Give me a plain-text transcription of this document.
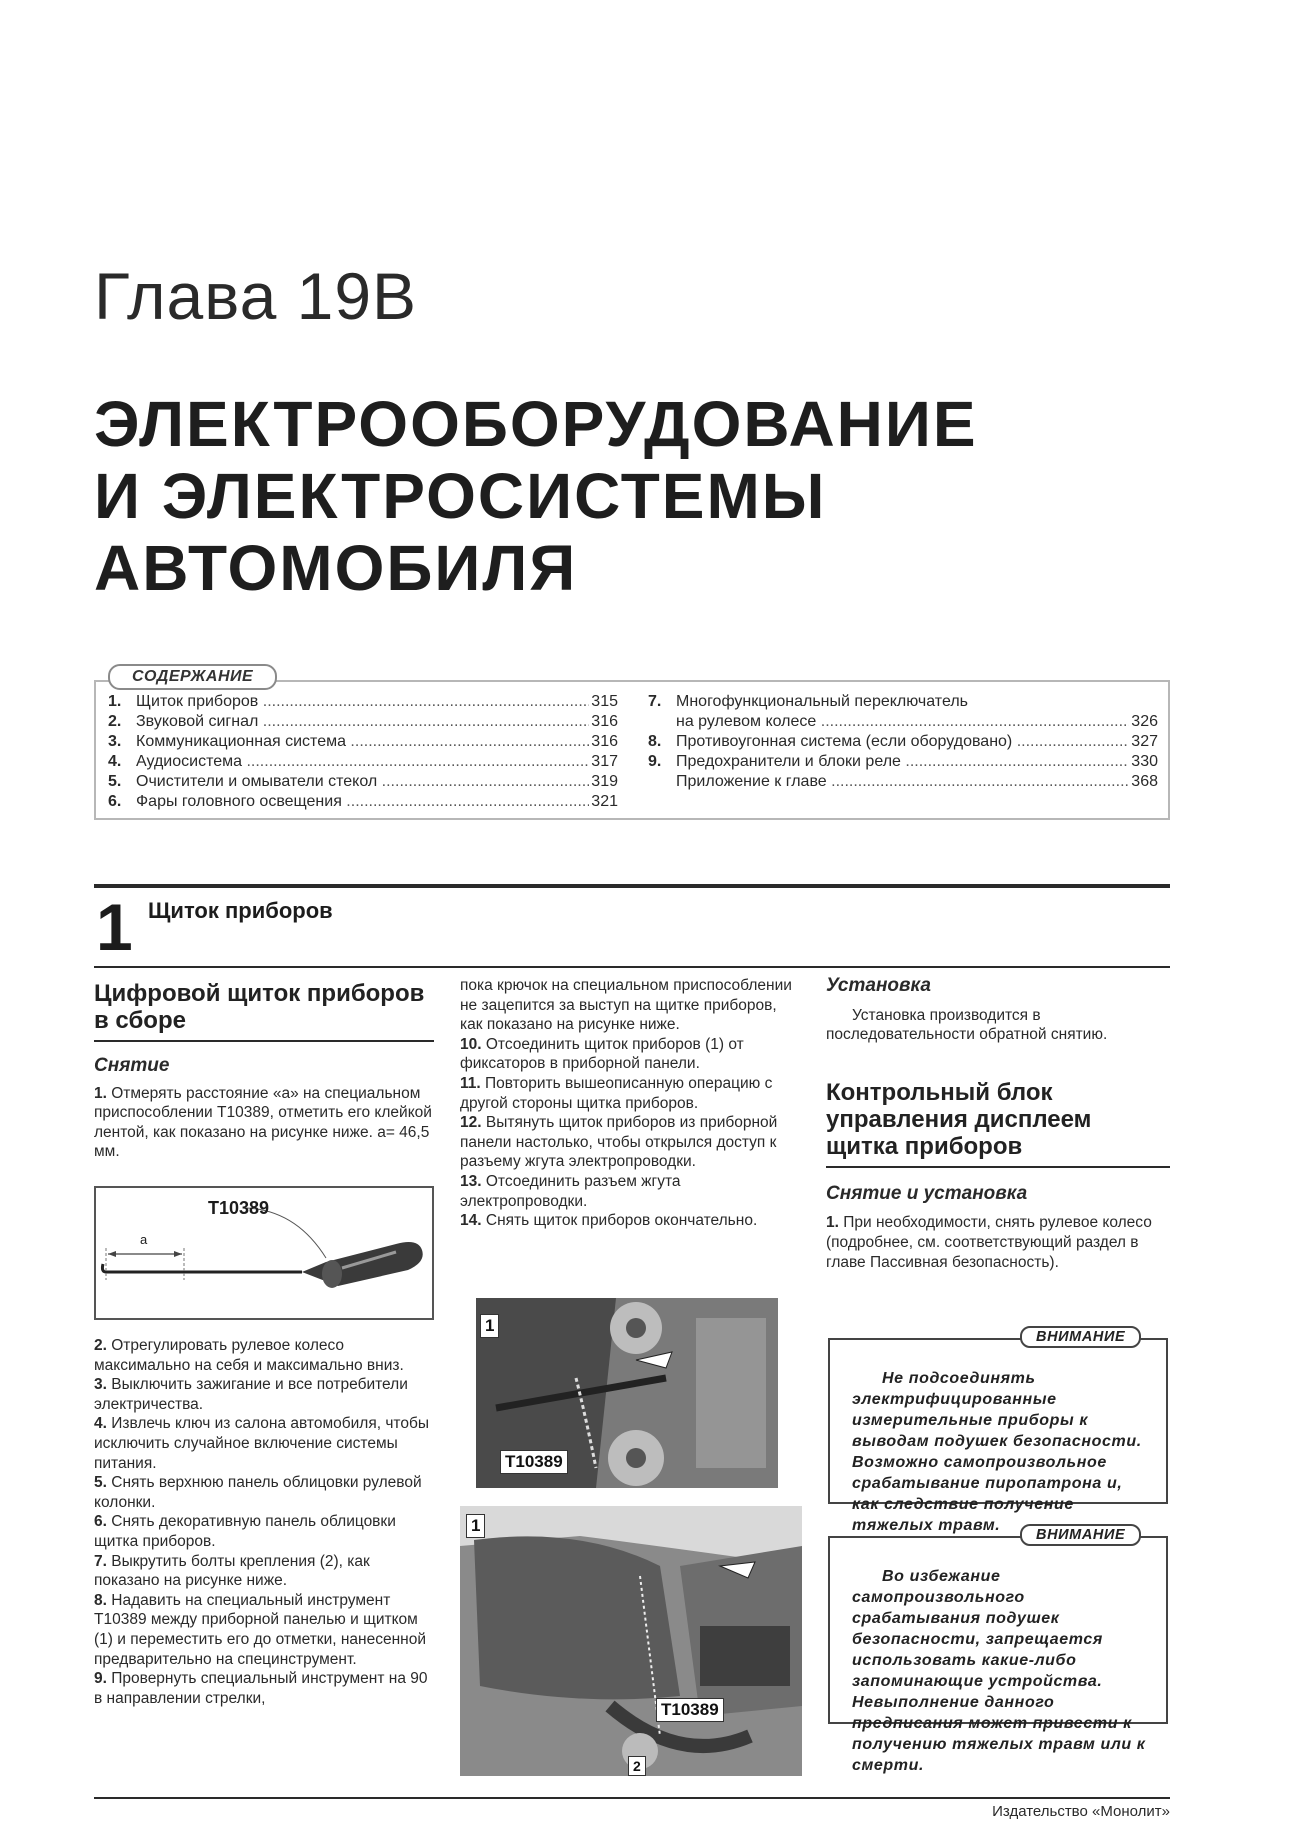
Глава 19В
ЭЛЕКТРООБОРУДОВАНИЕ
И ЭЛЕКТРОСИСТЕМЫ
АВТОМОБИЛЯ
СОДЕРЖАНИЕ
1. Щиток приборов .....	315
2. Звуковой сигнал .....	316
3. Коммуникационная система .....	316
4. Аудиосистема .....	317
5. Очистители и омыватели стекол .....	319
6. Фары головного освещения .....	321
7. Многофункциональный переключатель
на рулевом колесе .....	326
8. Противоугонная система (если оборудовано) .....	327
9. Предохранители и блоки реле .....	330
Приложение к главе .....	368
1 Щиток приборов
Цифровой щиток приборов в сборе
Снятие

1. Отмерять расстояние «а» на специальном приспособлении T10389, отметить его клейкой лентой, как показано на рисунке ниже. а= 46,5 мм.

T10389
a

2. Отрегулировать рулевое колесо максимально на себя и максимально вниз.

3. Выключить зажигание и все потребители электричества.

4. Извлечь ключ из салона автомобиля, чтобы исключить случайное включение системы питания.

5. Снять верхнюю панель облицовки рулевой колонки.

6. Снять декоративную панель облицовки щитка приборов.

7. Выкрутить болты крепления (2), как показано на рисунке ниже.

8. Надавить на специальный инструмент T10389 между приборной панелью и щитком (1) и переместить его до отметки, нанесенной предварительно на специнструмент.

9. Провернуть специальный инструмент на 90 в направлении стрелки,

пока крючок на специальном приспособлении не зацепится за выступ на щитке приборов, как показано на рисунке ниже.

10. Отсоединить щиток приборов (1) от фиксаторов в приборной панели.

11. Повторить вышеописанную операцию с другой стороны щитка приборов.

12. Вытянуть щиток приборов из приборной панели настолько, чтобы открылся доступ к разъему жгута электропроводки.

13. Отсоединить разъем жгута электропроводки.

14. Снять щиток приборов окончательно.

1
T10389
1
T10389
2
Установка

Установка производится в последовательности обратной снятию.

Контрольный блок управления дисплеем щитка приборов
Снятие и установка

1. При необходимости, снять рулевое колесо (подробнее, см. соответствующий раздел в главе Пассивная безопасность).

Не подсоединять электрифицированные измерительные приборы к выводам подушек безопасности. Возможно самопроизвольное срабатывание пиропатрона и, как следствие получение тяжелых травм.
ВНИМАНИЕ
Во избежание самопроизвольного срабатывания подушек безопасности, запрещается использовать какие-либо запоминающие устройства. Невыполнение данного предписания может привести к получению тяжелых травм или к смерти.
ВНИМАНИЕ
Издательство «Монолит»
